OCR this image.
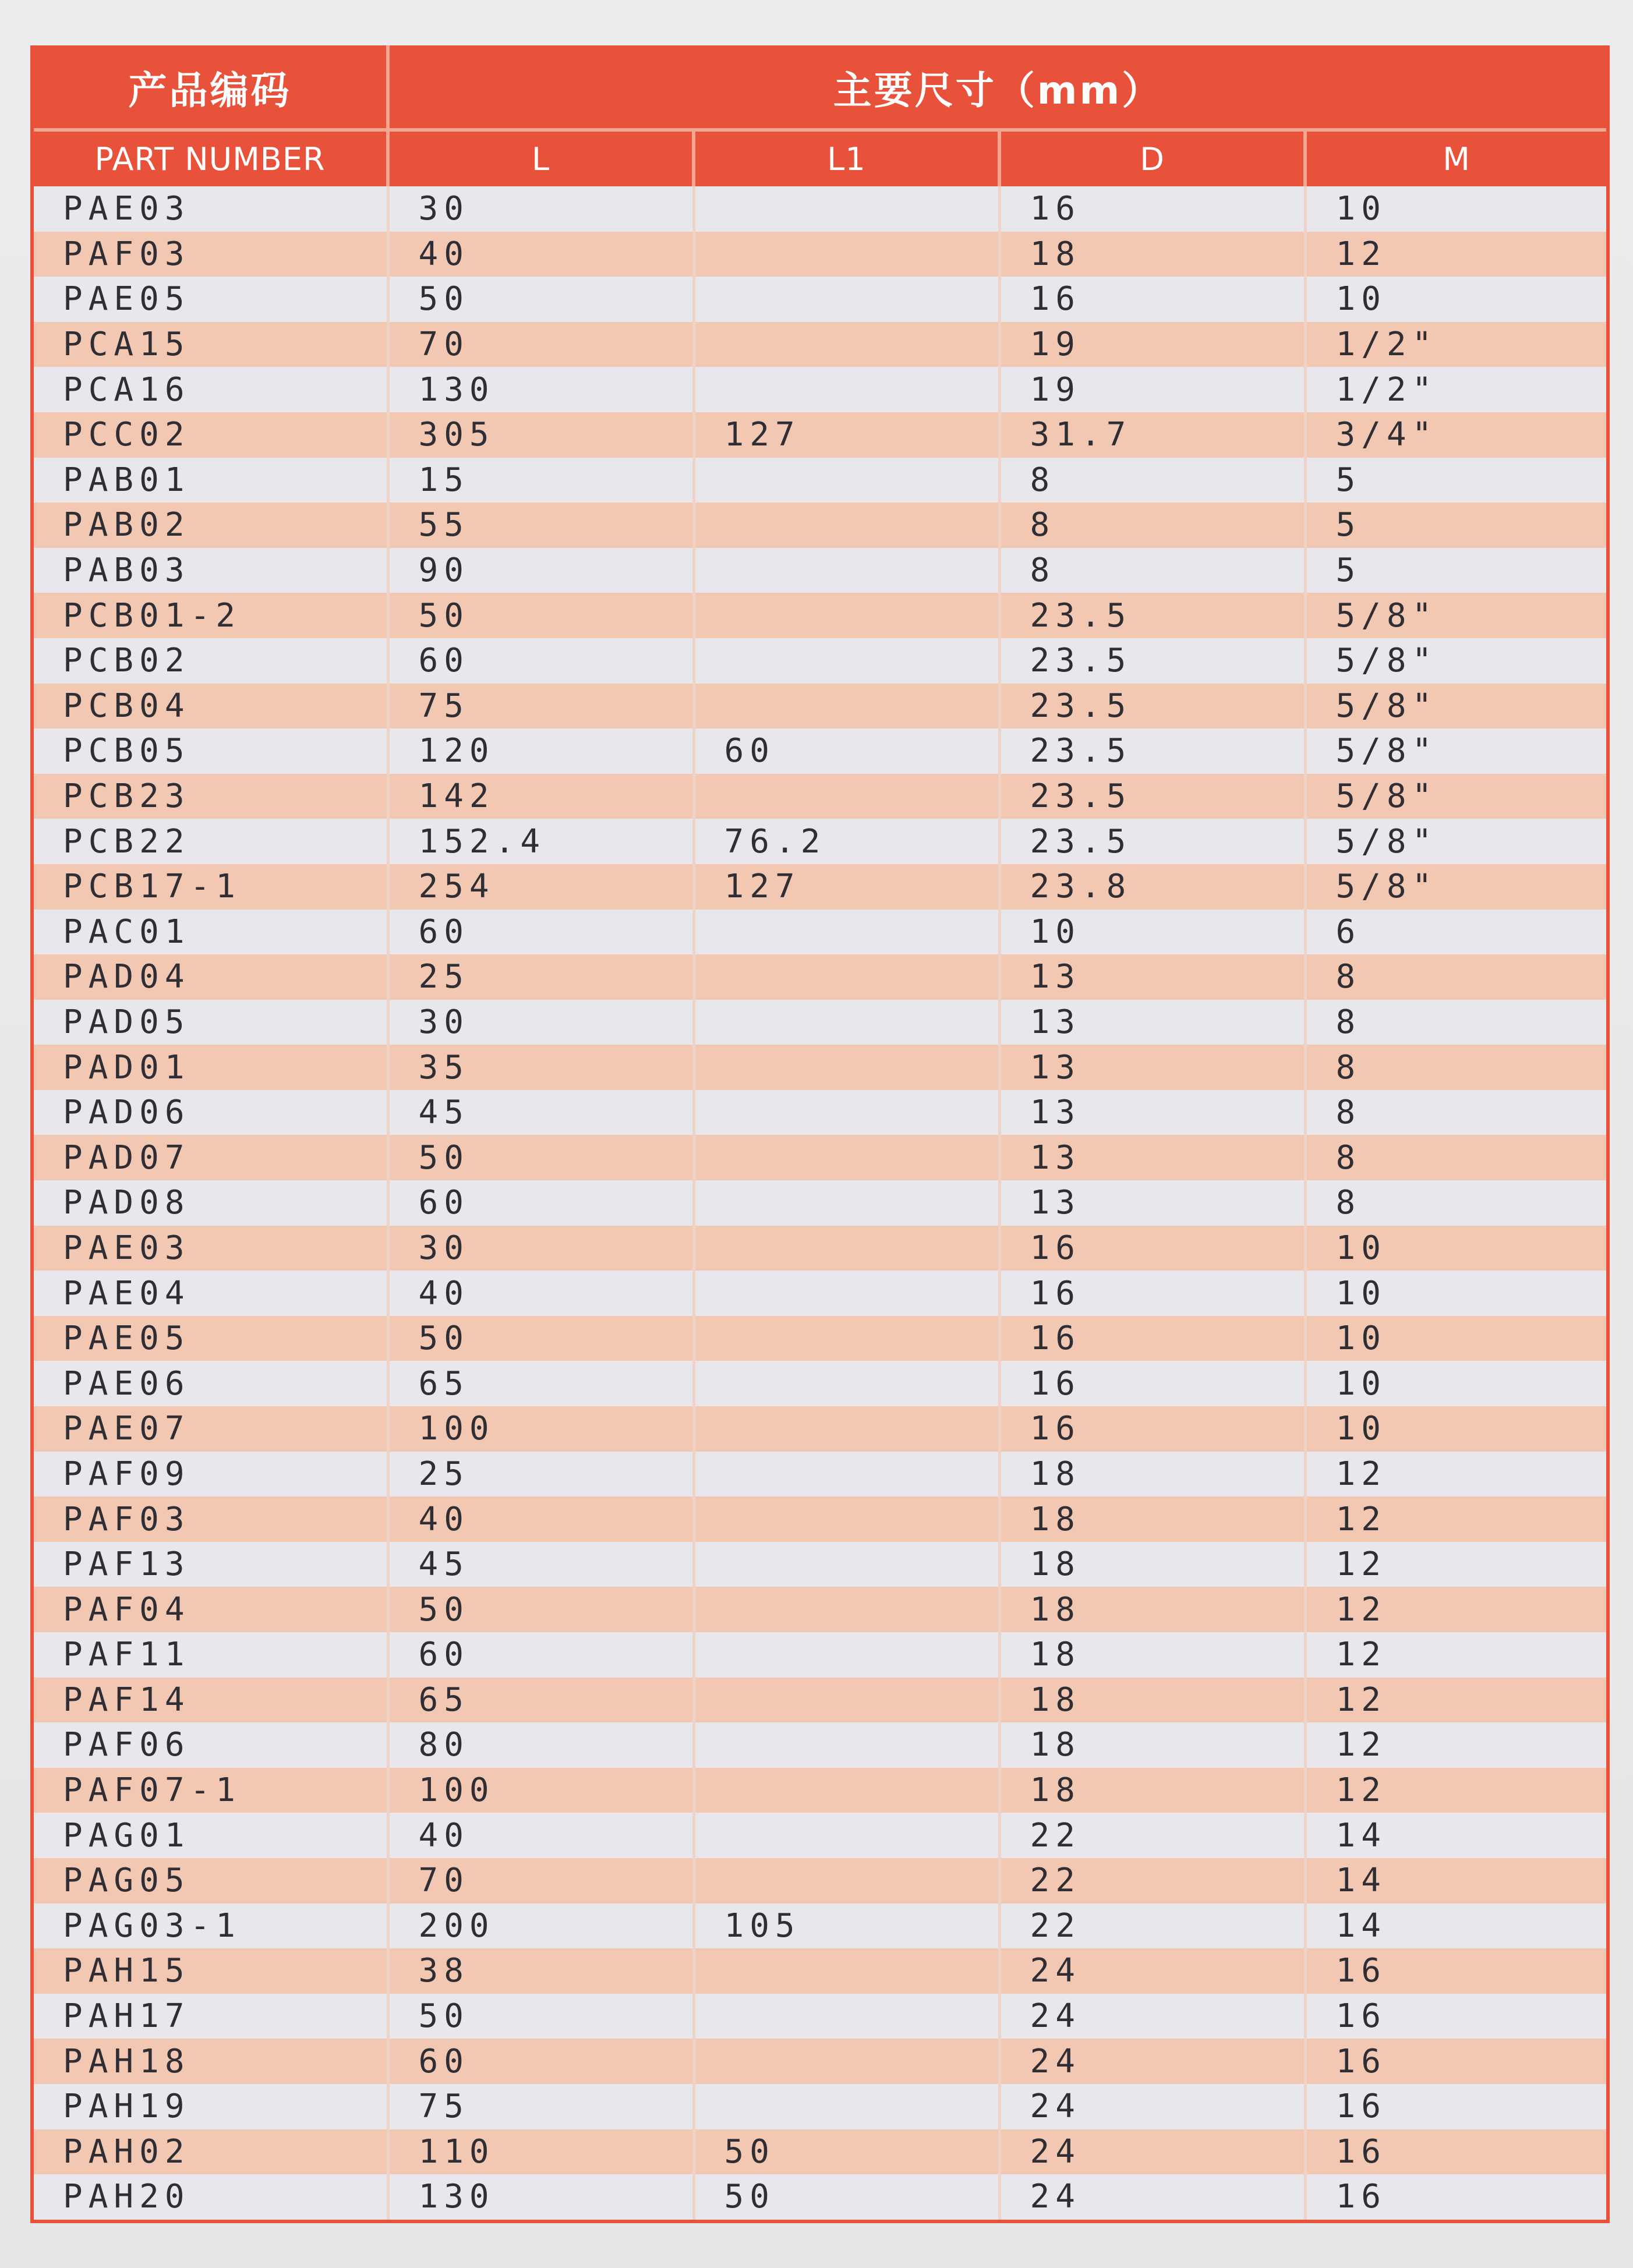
产品编码	主要尺寸（mm）			
PART NUMBER	L	L1	D	M
PAE03	30		16	10
PAF03	40		18	12
PAE05	50		16	10
PCA15	70		19	1/2"
PCA16	130		19	1/2"
PCC02	305	127	31.7	3/4"
PAB01	15		8	5
PAB02	55		8	5
PAB03	90		8	5
PCB01-2	50		23.5	5/8"
PCB02	60		23.5	5/8"
PCB04	75		23.5	5/8"
PCB05	120	60	23.5	5/8"
PCB23	142		23.5	5/8"
PCB22	152.4	76.2	23.5	5/8"
PCB17-1	254	127	23.8	5/8"
PAC01	60		10	6
PAD04	25		13	8
PAD05	30		13	8
PAD01	35		13	8
PAD06	45		13	8
PAD07	50		13	8
PAD08	60		13	8
PAE03	30		16	10
PAE04	40		16	10
PAE05	50		16	10
PAE06	65		16	10
PAE07	100		16	10
PAF09	25		18	12
PAF03	40		18	12
PAF13	45		18	12
PAF04	50		18	12
PAF11	60		18	12
PAF14	65		18	12
PAF06	80		18	12
PAF07-1	100		18	12
PAG01	40		22	14
PAG05	70		22	14
PAG03-1	200	105	22	14
PAH15	38		24	16
PAH17	50		24	16
PAH18	60		24	16
PAH19	75		24	16
PAH02	110	50	24	16
PAH20	130	50	24	16
